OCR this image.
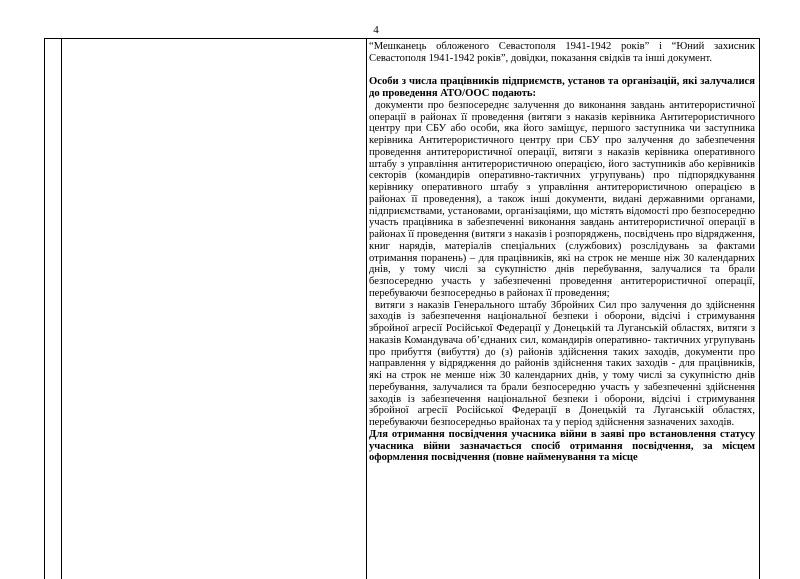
4

“Мешканець обложеного Севастополя 1941-1942 років” і “Юний захисник Севастополя 1941-1942 років”, довідки, показання свідків та інші документ.

Особи з числа працівників підприємств, установ та організацій, які залучалися до проведення АТО/ООС подають:

документи про безпосереднє залучення до виконання завдань антитерористичної операції в районах її проведення (витяги з наказів керівника Антитерористичного центру при СБУ або особи, яка його заміщує, першого заступника чи заступника керівника Антитерористичного центру при СБУ про залучення до забезпечення проведення антитерористичної операції, витяги з наказів керівника оперативного штабу з управління антитерористичною операцією, його заступників або керівників секторів (командирів оперативно-тактичних угрупувань) про підпорядкування керівнику оперативного штабу з управління антитерористичною операцією в районах її проведення), а також інші документи, видані державними органами, підприємствами, установами, організаціями, що містять відомості про безпосередню участь працівника в забезпеченні виконання завдань антитерористичної операції в районах її проведення (витяги з наказів і розпоряджень, посвідчень про відрядження, книг нарядів, матеріалів спеціальних (службових) розслідувань за фактами отримання поранень) – для працівників, які на строк не менше ніж 30 календарних днів, у тому числі за сукупністю днів перебування, залучалися та брали безпосередню участь у забезпеченні проведення антитерористичної операції, перебуваючи безпосередньо в районах її проведення;

витяги з наказів Генерального штабу Збройних Сил про залучення до здійснення заходів із забезпечення національної безпеки і оборони, відсічі і стримування збройної агресії Російської Федерації у Донецькій та Луганській областях, витяги з наказів Командувача об’єднаних сил, командирів оперативно- тактичних угрупувань про прибуття (вибуття) до (з) районів здійснення таких заходів, документи про направлення у відрядження до районів здійснення таких заходів - для працівників, які на строк не менше ніж 30 календарних днів, у тому числі за сукупністю днів перебування, залучалися та брали безпосередню участь у забезпеченні здійснення заходів із забезпечення національної безпеки і оборони, відсічі і стримування збройної агресії Російської Федерації в Донецькій та Луганській областях, перебуваючи безпосередньо врайонах та у період здійснення зазначених заходів.

Для отримання посвідчення учасника війни в заяві про встановлення статусу учасника війни зазначається спосіб отримання посвідчення, за місцем оформлення посвідчення (повне найменування та місце
